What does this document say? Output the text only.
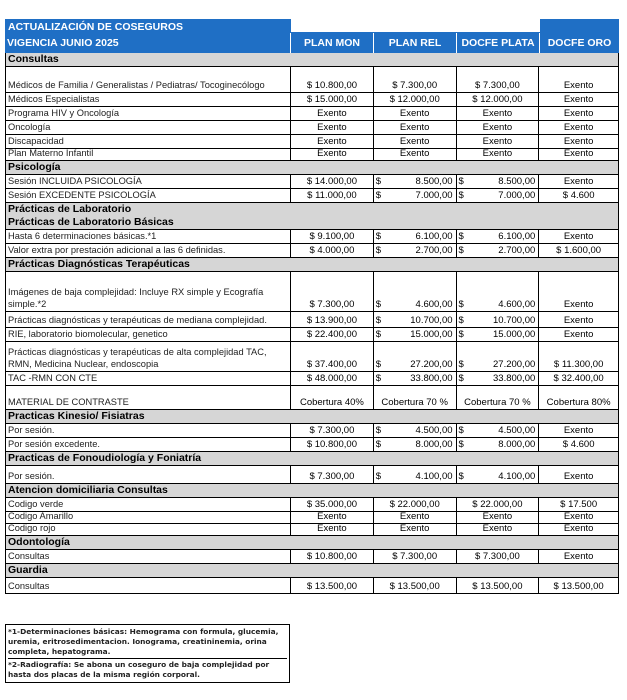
ACTUALIZACIÓN DE COSEGUROS
VIGENCIA JUNIO 2025	PLAN MON	PLAN REL	DOCFE PLATA	DOCFE ORO
Consultas
Médicos de Familia / Generalistas / Pediatras/ Tocoginecólogo	$ 10.800,00	$ 7.300,00	$ 7.300,00	Exento
Médicos Especialistas	$ 15.000,00	$ 12.000,00	$ 12.000,00	Exento
Programa HIV y Oncología	Exento	Exento	Exento	Exento
Oncología	Exento	Exento	Exento	Exento
Discapacidad	Exento	Exento	Exento	Exento
Plan Materno Infantil	Exento	Exento	Exento	Exento
Psicología
Sesión INCLUIDA PSICOLOGÍA	$ 14.000,00 $	8.500,00 $	8.500,00	Exento
Sesión EXCEDENTE PSICOLOGÍA	$ 11.000,00 $	7.000,00 $	7.000,00	$ 4.600
Prácticas de Laboratorio
Prácticas de Laboratorio Básicas
Hasta 6 determinaciones básicas.*1	$ 9.100,00 $	6.100,00 $	6.100,00	Exento
Valor extra por prestación adicional a las 6 definidas.	$ 4.000,00 $	2.700,00 $	2.700,00 $ 1.600,00
Prácticas Diagnósticas Terapéuticas
Imágenes de baja complejidad: Incluye RX simple y Ecografía simple.*2	$ 7.300,00 $	4.600,00 $	4.600,00	Exento
Prácticas diagnósticas y terapéuticas de mediana complejidad.	$ 13.900,00 $	10.700,00 $	10.700,00	Exento
RIE, laboratorio biomolecular, genetico	$ 22.400,00 $	15.000,00 $	15.000,00	Exento
Prácticas diagnósticas y terapéuticas de alta complejidad TAC, RMN, Medicina Nuclear, endoscopia	$ 37.400,00 $	27.200,00 $	27.200,00 $ 11.300,00
TAC -RMN CON CTE	$ 48.000,00 $	33.800,00 $	33.800,00 $ 32.400,00
MATERIAL DE CONTRASTE	Cobertura 40% Cobertura 70 % Cobertura 70 % Cobertura 80%
Practicas Kinesio/ Fisiatras
Por sesión.	$ 7.300,00 $	4.500,00 $	4.500,00	Exento
Por sesión excedente.	$ 10.800,00 $	8.000,00 $	8.000,00	$ 4.600
Practicas de Fonoudiología y Foniatría
Por sesión.	$ 7.300,00 $	4.100,00 $	4.100,00	Exento
Atencion domiciliaria Consultas
Codigo verde	$ 35.000,00	$ 22.000,00	$ 22.000,00	$ 17.500
Codigo Amarillo	Exento	Exento	Exento	Exento
Codigo rojo	Exento	Exento	Exento	Exento
Odontología
Consultas	$ 10.800,00	$ 7.300,00	$ 7.300,00	Exento
Guardia
Consultas	$ 13.500,00	$ 13.500,00	$ 13.500,00	$ 13.500,00
*1-Determinaciones básicas: Hemograma con formula, glucemia, uremia, eritrosedimentacion. Ionograma, creatininemia, orina completa, hepatograma.
*2-Radiografía: Se abona un coseguro de baja complejidad por hasta dos placas de la misma región corporal.
